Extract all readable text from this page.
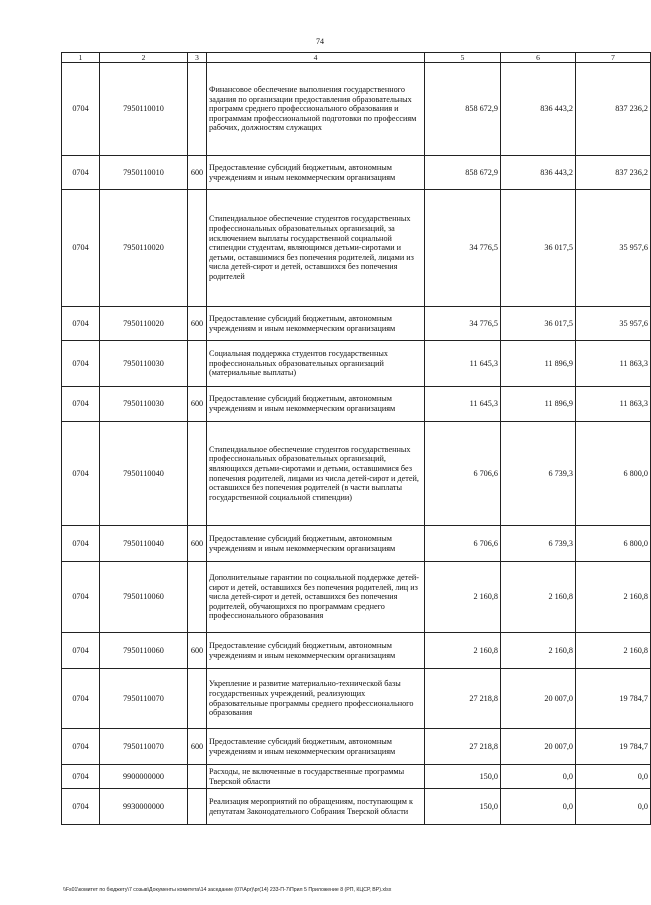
74
1	2	3	4	5	6	7
0704	7950110010		Финансовое обеспечение выполнения государственного задания по организации предоставления образовательных программ среднего профессионального образования и программам профессиональной подготовки по профессиям рабочих, должностям служащих	858 672,9	836 443,2	837 236,2
0704	7950110010	600	Предоставление субсидий бюджетным, автономным учреждениям и иным некоммерческим организациям	858 672,9	836 443,2	837 236,2
0704	7950110020		Стипендиальное обеспечение студентов государственных профессиональных образовательных организаций, за исключением выплаты государственной социальной стипендии студентам, являющимся детьми-сиротами и детьми, оставшимися без попечения родителей, лицами из числа детей-сирот и детей, оставшихся без попечения родителей	34 776,5	36 017,5	35 957,6
0704	7950110020	600	Предоставление субсидий бюджетным, автономным учреждениям и иным некоммерческим организациям	34 776,5	36 017,5	35 957,6
0704	7950110030		Социальная поддержка студентов государственных профессиональных образовательных организаций (материальные выплаты)	11 645,3	11 896,9	11 863,3
0704	7950110030	600	Предоставление субсидий бюджетным, автономным учреждениям и иным некоммерческим организациям	11 645,3	11 896,9	11 863,3
0704	7950110040		Стипендиальное обеспечение студентов государственных профессиональных образовательных организаций, являющихся детьми-сиротами и детьми, оставшимися без попечения родителей, лицами из числа детей-сирот и детей, оставшихся без попечения родителей (в части выплаты государственной социальной стипендии)	6 706,6	6 739,3	6 800,0
0704	7950110040	600	Предоставление субсидий бюджетным, автономным учреждениям и иным некоммерческим организациям	6 706,6	6 739,3	6 800,0
0704	7950110060		Дополнительные гарантии по социальной поддержке детей-сирот и детей, оставшихся без попечения родителей, лиц из числа детей-сирот и детей, оставшихся без попечения родителей, обучающихся по программам среднего профессионального образования	2 160,8	2 160,8	2 160,8
0704	7950110060	600	Предоставление субсидий бюджетным, автономным учреждениям и иным некоммерческим организациям	2 160,8	2 160,8	2 160,8
0704	7950110070		Укрепление и развитие материально-технической базы государственных учреждений, реализующих образовательные программы среднего профессионального образования	27 218,8	20 007,0	19 784,7
0704	7950110070	600	Предоставление субсидий бюджетным, автономным учреждениям и иным некоммерческим организациям	27 218,8	20 007,0	19 784,7
0704	9900000000		Расходы, не включенные в государственные программы Тверской области	150,0	0,0	0,0
0704	9930000000		Реализация мероприятий по обращениям, поступающим к депутатам Законодательного Собрания Тверской области	150,0	0,0	0,0
\\Fs01\комитет по бюджету\7 созыв\Документы комитета\14 заседание (07\Apr)\pr(14) 233-П-7\Прил 5 Приложение 8 (РП, КЦСР, ВР).xlsx
